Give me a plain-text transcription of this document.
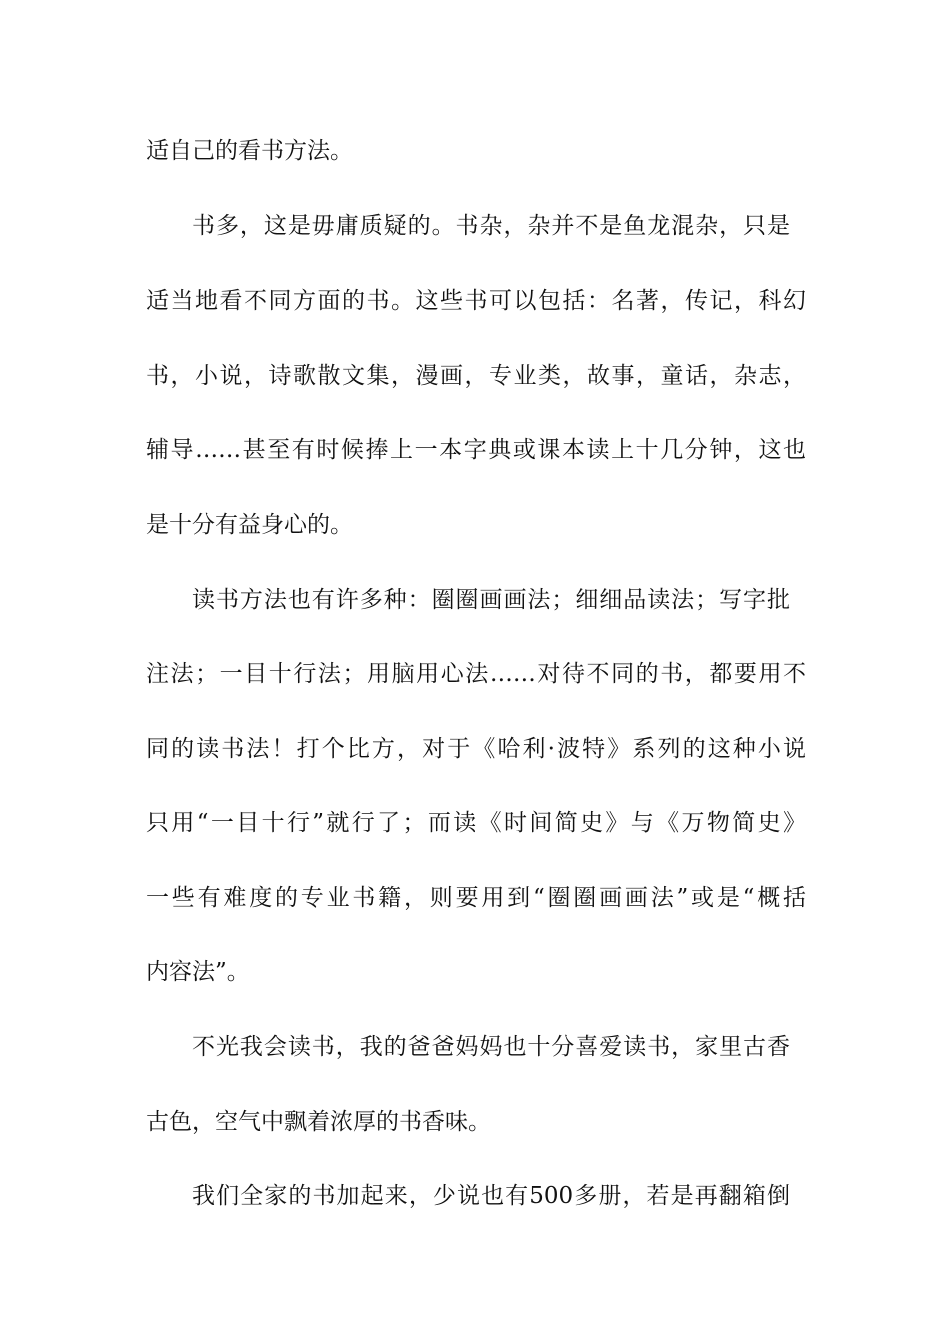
适自己的看书方法。
书多，这是毋庸质疑的。书杂，杂并不是鱼龙混杂，只是
适当地看不同方面的书。这些书可以包括：名著，传记，科幻
书，小说，诗歌散文集，漫画，专业类，故事，童话，杂志，
辅导……甚至有时候捧上一本字典或课本读上十几分钟，这也
是十分有益身心的。
读书方法也有许多种：圈圈画画法；细细品读法；写字批
注法；一目十行法；用脑用心法……对待不同的书，都要用不
同的读书法！打个比方，对于《哈利·波特》系列的这种小说
只用“一目十行”就行了；而读《时间简史》与《万物简史》
一些有难度的专业书籍，则要用到“圈圈画画法”或是“概括
内容法”。
不光我会读书，我的爸爸妈妈也十分喜爱读书，家里古香
古色，空气中飘着浓厚的书香味。
我们全家的书加起来，少说也有500多册，若是再翻箱倒
